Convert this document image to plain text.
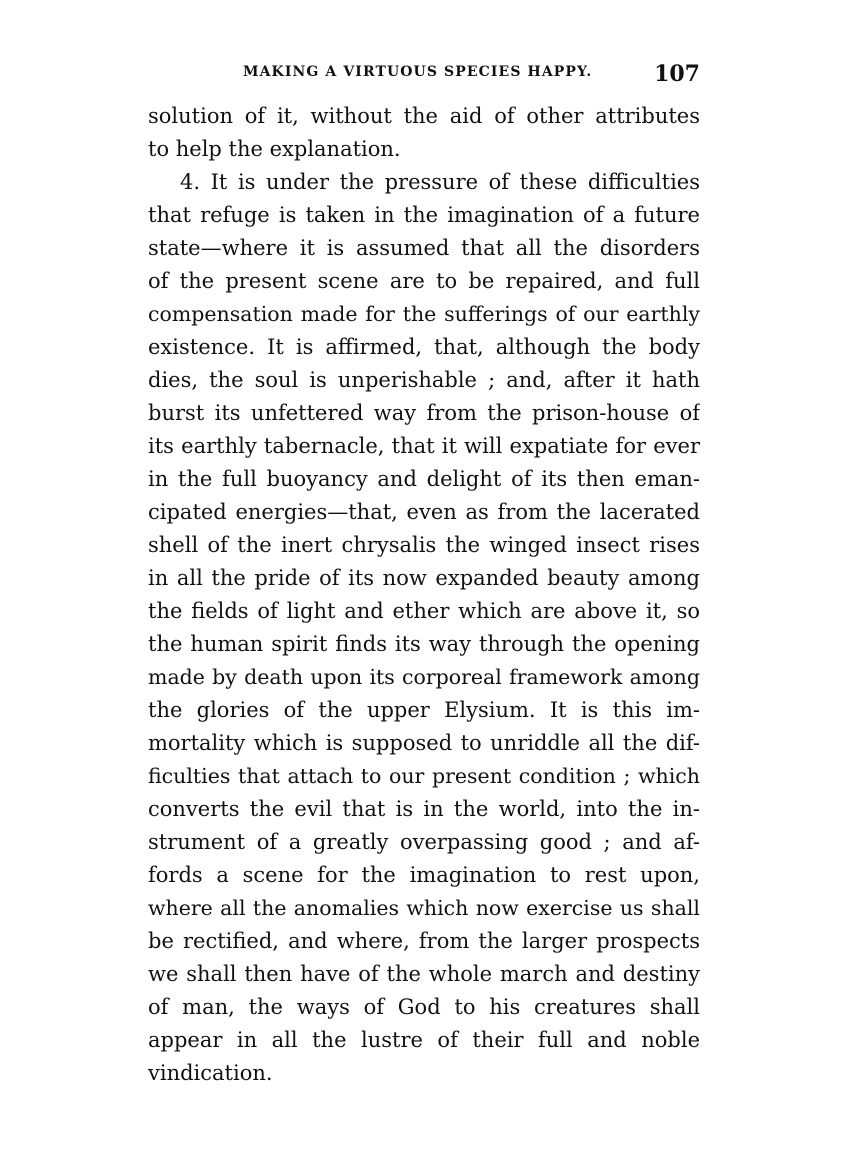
MAKING A VIRTUOUS SPECIES HAPPY.	107
solution of it, without the aid of other attributes
to help the explanation.
4. It is under the pressure of these difficulties
that refuge is taken in the imagination of a future
state—where it is assumed that all the disorders
of the present scene are to be repaired, and full
compensation made for the sufferings of our earthly
existence. It is affirmed, that, although the body
dies, the soul is unperishable ; and, after it hath
burst its unfettered way from the prison-house of
its earthly tabernacle, that it will expatiate for ever
in the full buoyancy and delight of its then eman-
cipated energies—that, even as from the lacerated
shell of the inert chrysalis the winged insect rises
in all the pride of its now expanded beauty among
the fields of light and ether which are above it, so
the human spirit finds its way through the opening
made by death upon its corporeal framework among
the glories of the upper Elysium. It is this im-
mortality which is supposed to unriddle all the dif-
ficulties that attach to our present condition ; which
converts the evil that is in the world, into the in-
strument of a greatly overpassing good ; and af-
fords a scene for the imagination to rest upon,
where all the anomalies which now exercise us shall
be rectified, and where, from the larger prospects
we shall then have of the whole march and destiny
of man, the ways of God to his creatures shall
appear in all the lustre of their full and noble
vindication.
